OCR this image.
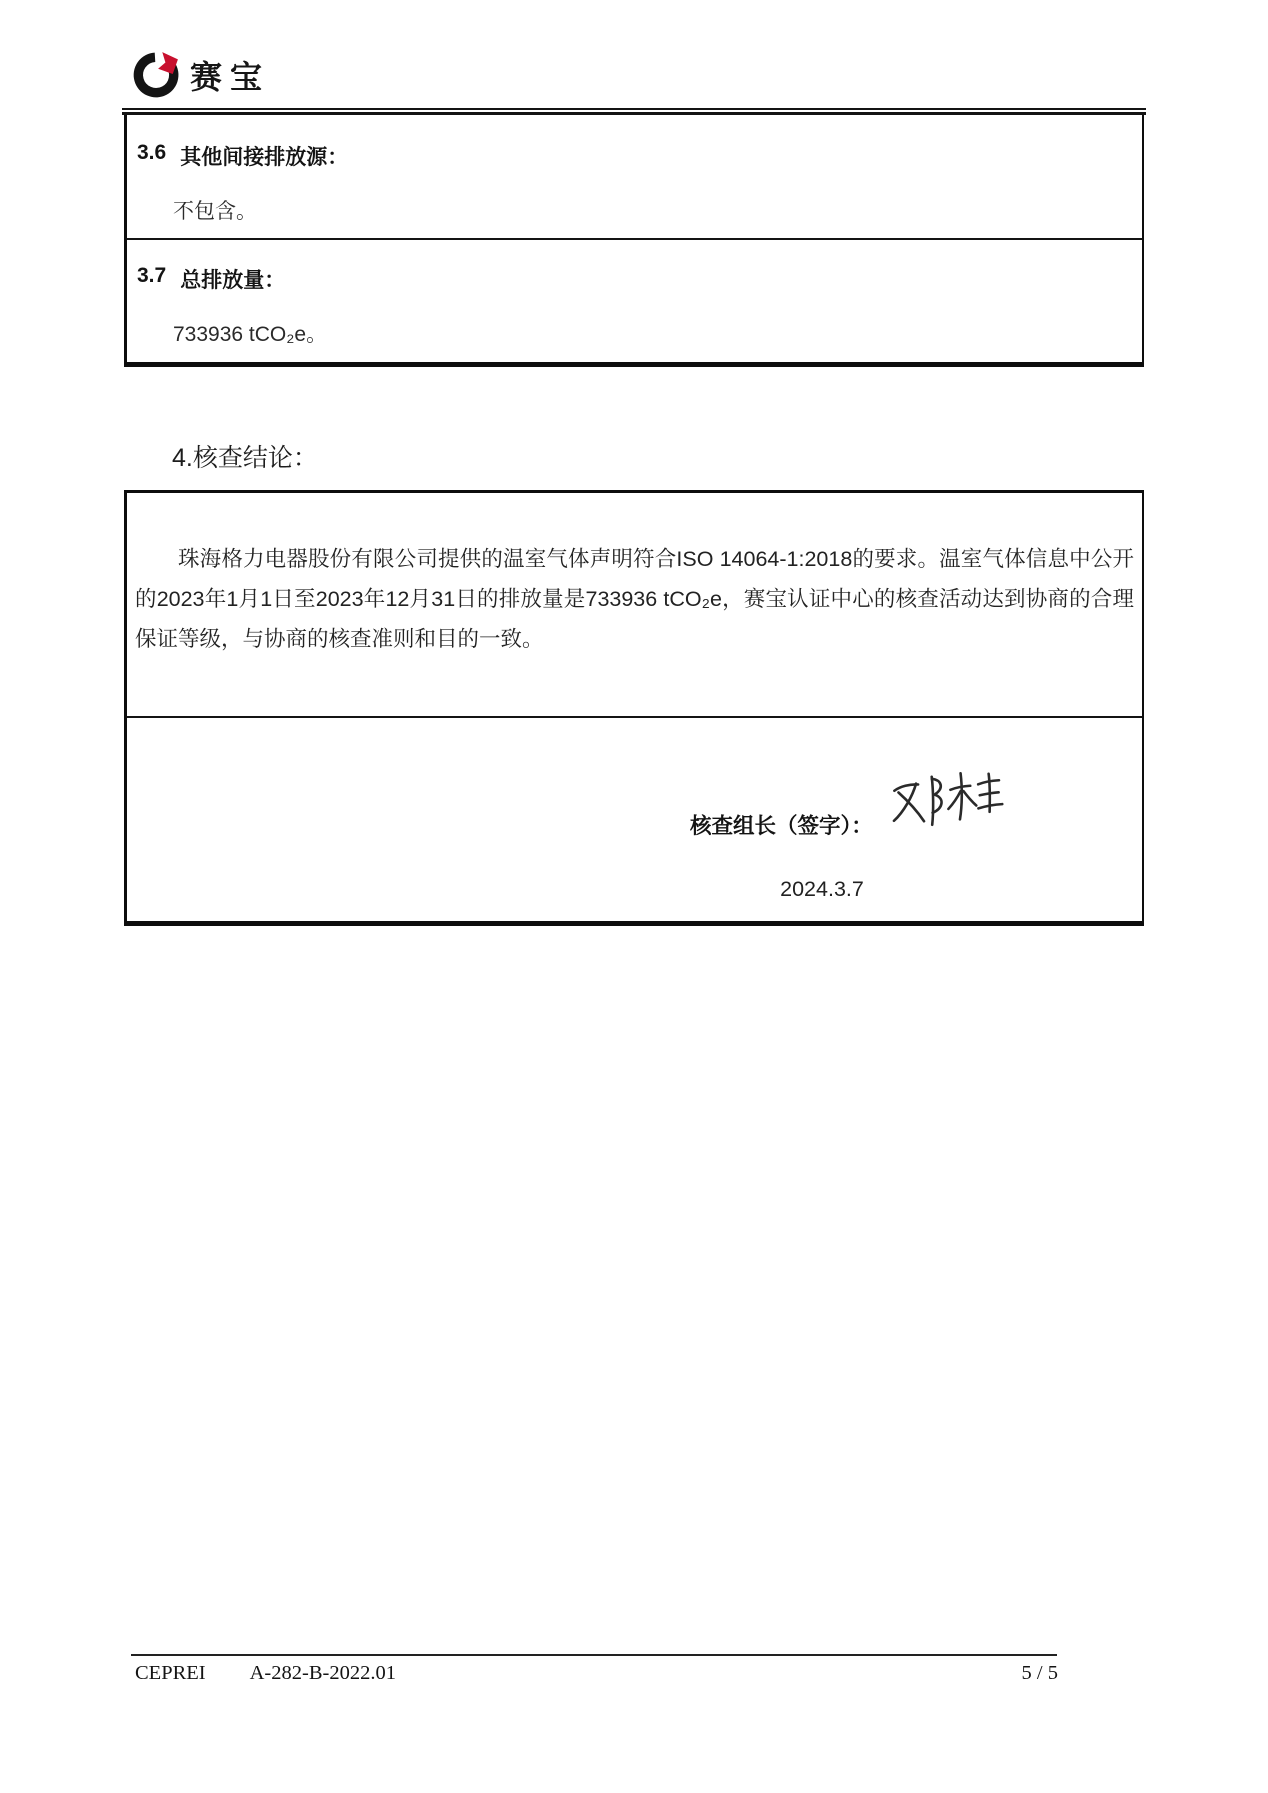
赛宝
3.6 其他间接排放源：
不包含。
3.7 总排放量：
733936 tCO₂e。
4.核查结论：
珠海格力电器股份有限公司提供的温室气体声明符合ISO 14064-1:2018的要求。温室气体信息中公开的2023年1月1日至2023年12月31日的排放量是733936 tCO₂e，赛宝认证中心的核查活动达到协商的合理保证等级，与协商的核查准则和目的一致。
核查组长（签字）：
2024.3.7
CEPREI A-282-B-2022.01	5 / 5
